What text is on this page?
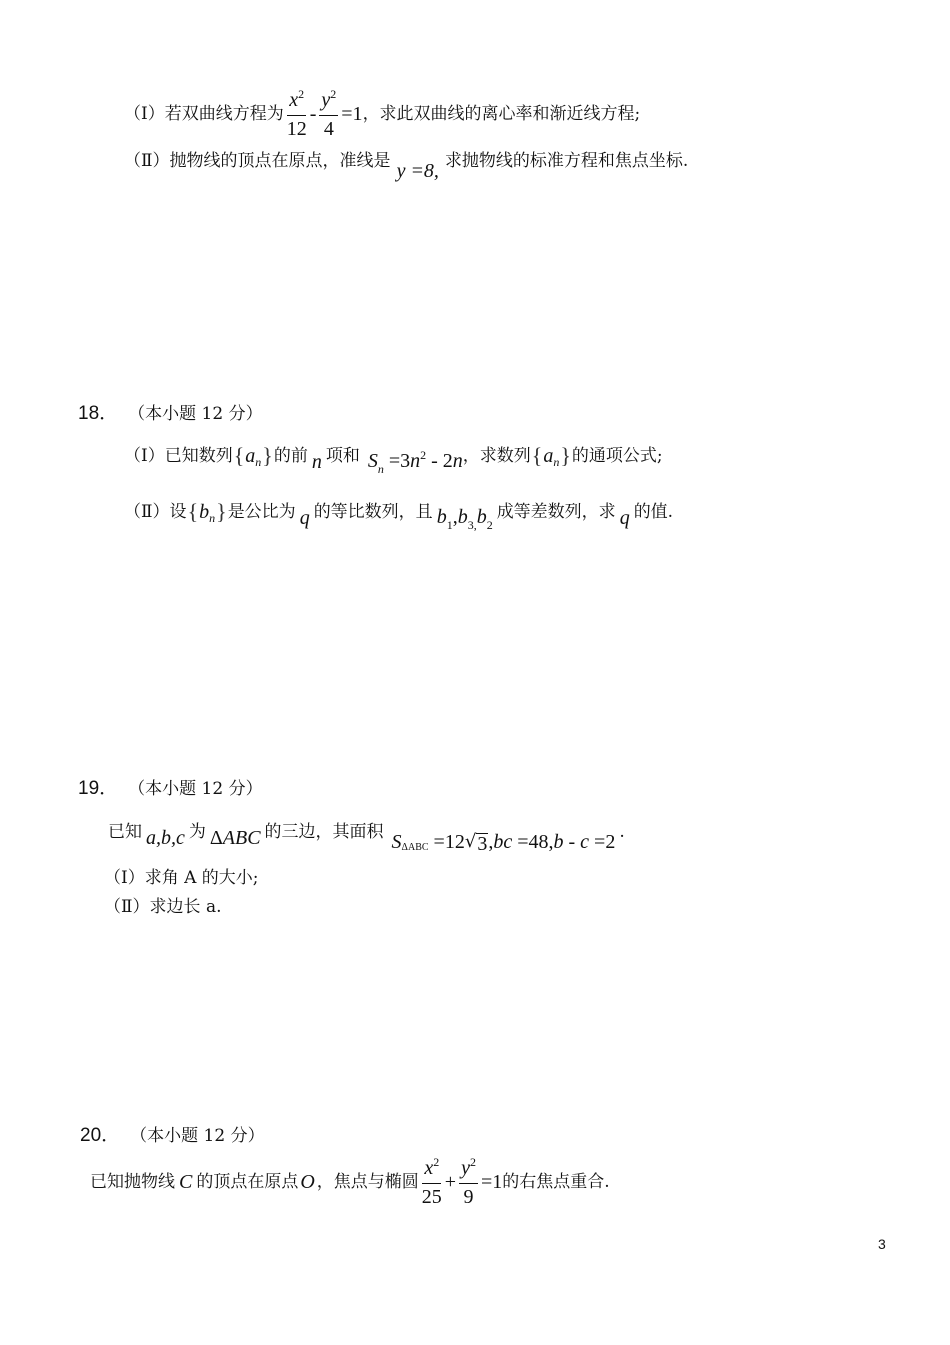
（Ⅰ）若双曲线方程为 $\frac{x^2}{12} - \frac{y^2}{4} =1$ ，求此双曲线的离心率和渐近线方程;
（Ⅱ）抛物线的顶点在原点，准线是 y =8, 求抛物线的标准方程和焦点坐标.
18． （本小题 12 分）
（Ⅰ）已知数列 { a n } 的前 n 项和 $S_n =3n^2 - 2n$ ，求数列 { a n } 的通项公式;
（Ⅱ）设 { b n } 是公比为 q 的等比数列，且 $b_1,b_{3,}b_2$
成等差数列，求 q 的值.
19． （本小题 12 分）
已知 a,b,c 为 ΔABC 的三边，其面积 S ΔABC =12 √ 3 ,bc =48,b - c =2 .
（Ⅰ）求角 A 的大小;
（Ⅱ）求边长 a.
20． （本小题 12 分）
已知抛物线 C 的顶点在原点 O ，焦点与椭圆 $\frac{x^2}{25} + \frac{y^2}{9} =1$ 的右焦点重合.
3
